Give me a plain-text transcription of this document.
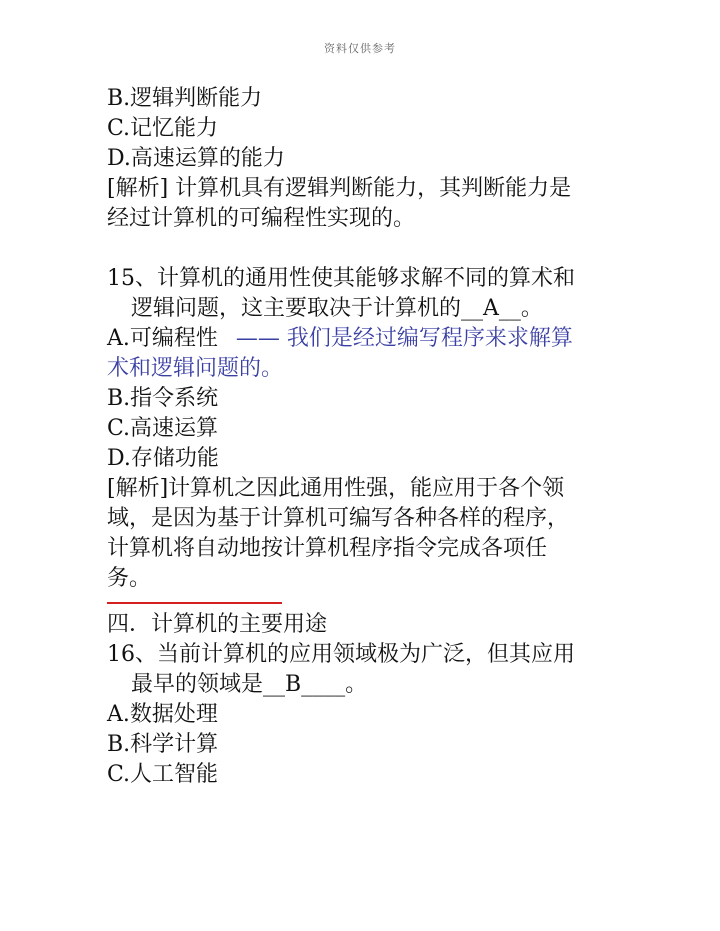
资料仅供参考
B.逻辑判断能力
C.记忆能力
D.高速运算的能力
[解析] 计算机具有逻辑判断能力，其判断能力是
经过计算机的可编程性实现的。
15、计算机的通用性使其能够求解不同的算术和
逻辑问题，这主要取决于计算机的__A__。
A.可编程性 —— 我们是经过编写程序来求解算
术和逻辑问题的。
B.指令系统
C.高速运算
D.存储功能
[解析]计算机之因此通用性强，能应用于各个领
域，是因为基于计算机可编写各种各样的程序，
计算机将自动地按计算机程序指令完成各项任
务。
四．计算机的主要用途
16、当前计算机的应用领域极为广泛，但其应用
最早的领域是__B____。
A.数据处理
B.科学计算
C.人工智能
